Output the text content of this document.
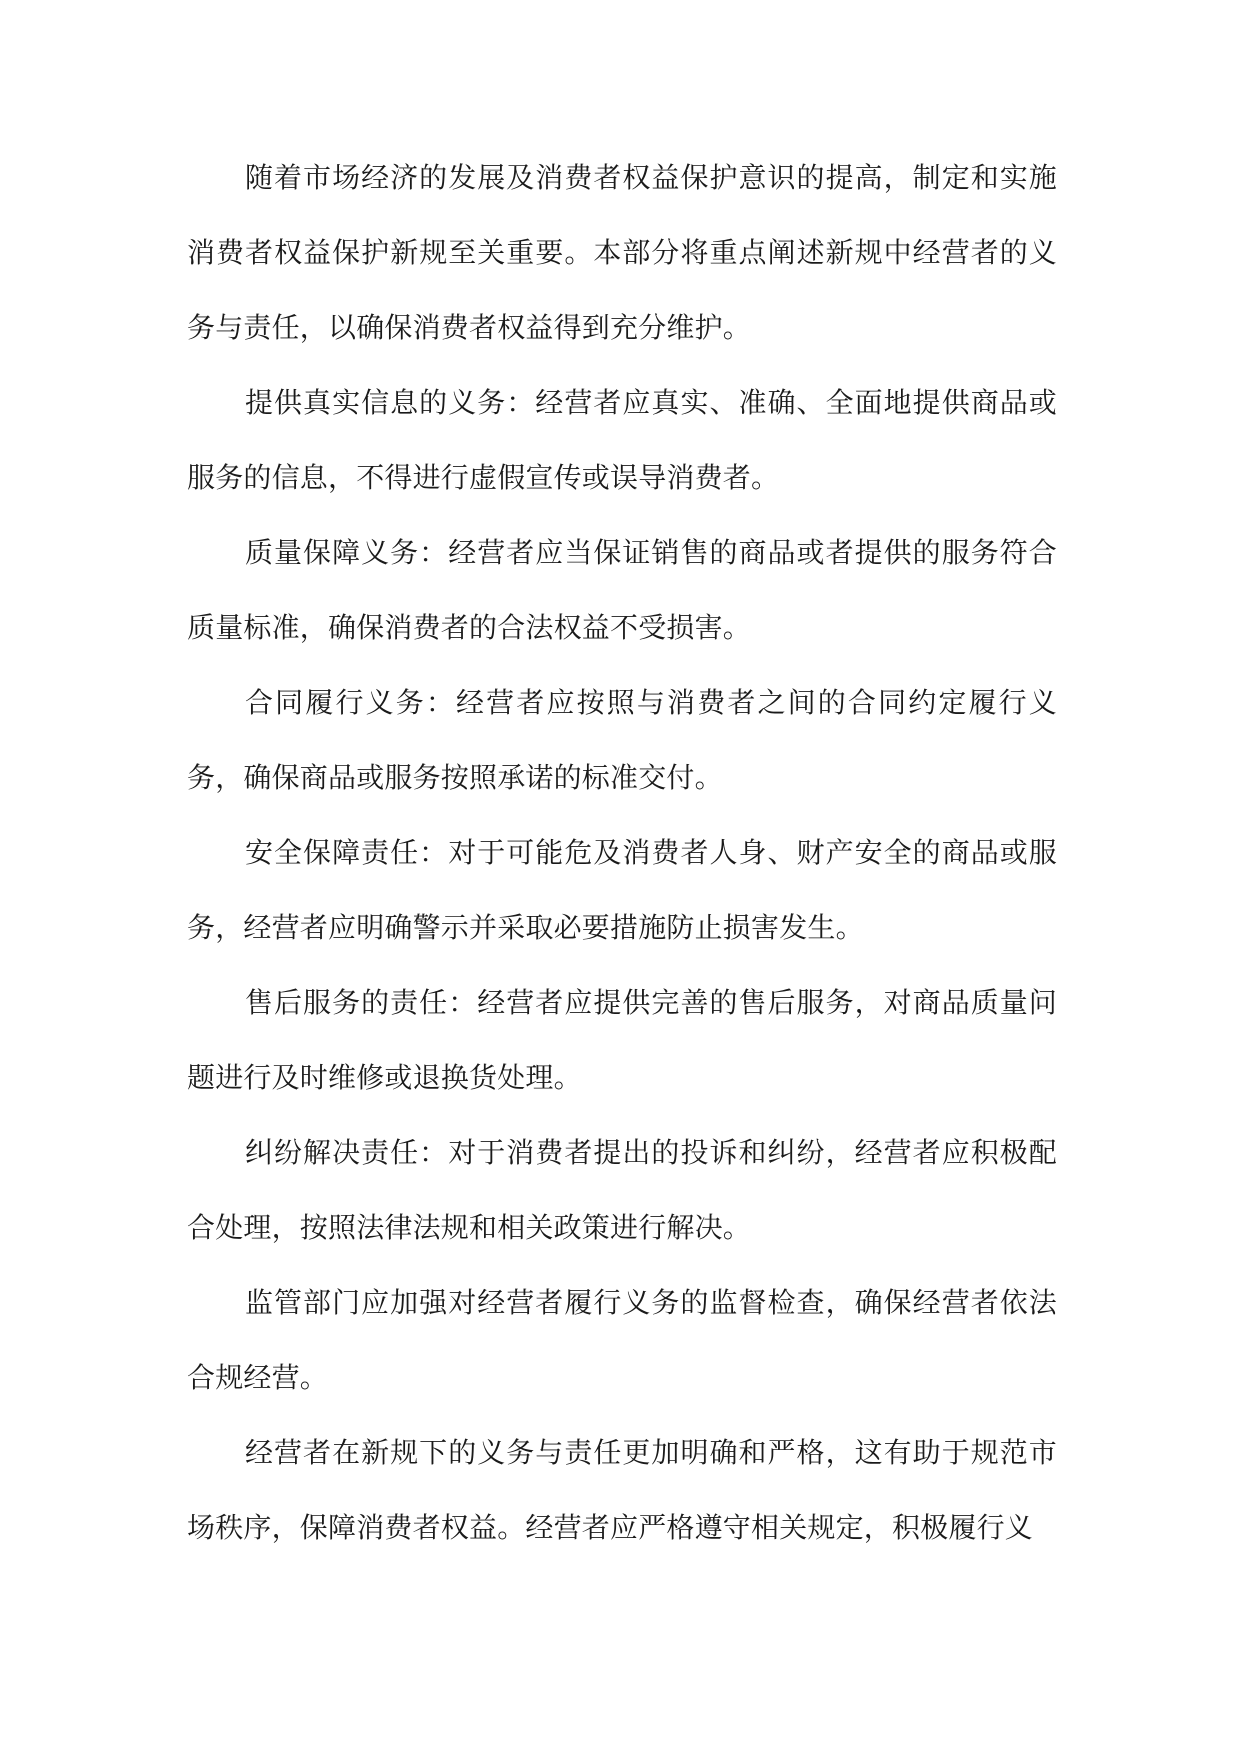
随着市场经济的发展及消费者权益保护意识的提高，制定和实施消费者权益保护新规至关重要。本部分将重点阐述新规中经营者的义务与责任，以确保消费者权益得到充分维护。

提供真实信息的义务：经营者应真实、准确、全面地提供商品或服务的信息，不得进行虚假宣传或误导消费者。

质量保障义务：经营者应当保证销售的商品或者提供的服务符合质量标准，确保消费者的合法权益不受损害。

合同履行义务：经营者应按照与消费者之间的合同约定履行义务，确保商品或服务按照承诺的标准交付。

安全保障责任：对于可能危及消费者人身、财产安全的商品或服务，经营者应明确警示并采取必要措施防止损害发生。

售后服务的责任：经营者应提供完善的售后服务，对商品质量问题进行及时维修或退换货处理。

纠纷解决责任：对于消费者提出的投诉和纠纷，经营者应积极配合处理，按照法律法规和相关政策进行解决。

监管部门应加强对经营者履行义务的监督检查，确保经营者依法合规经营。

经营者在新规下的义务与责任更加明确和严格，这有助于规范市场秩序，保障消费者权益。经营者应严格遵守相关规定，积极履行义
